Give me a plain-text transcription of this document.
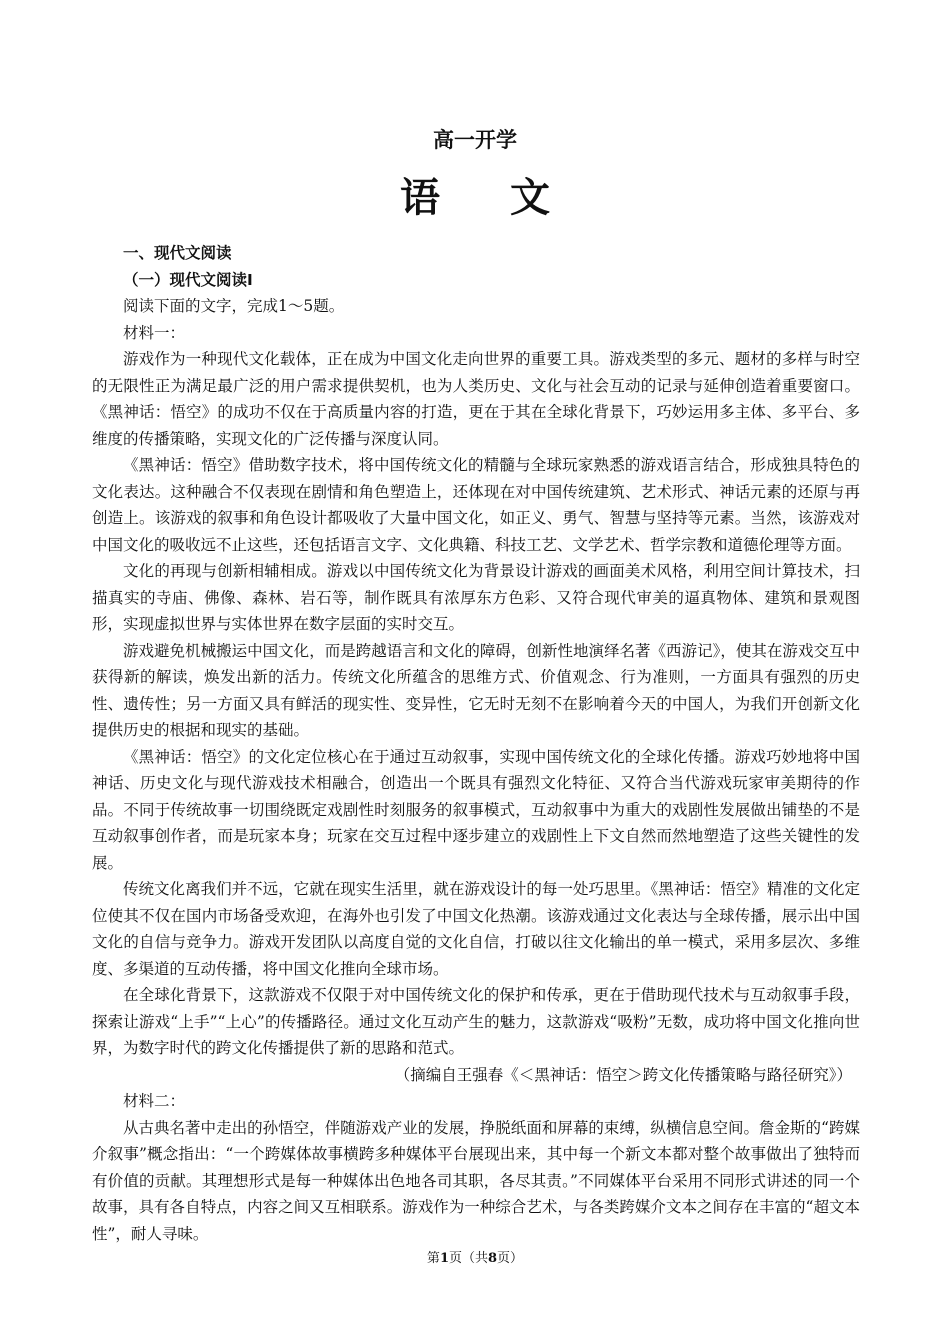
高一开学
语 文

一、现代文阅读

（一）现代文阅读Ⅰ

阅读下面的文字，完成1～5题。

材料一：

游戏作为一种现代文化载体，正在成为中国文化走向世界的重要工具。游戏类型的多元、题材的多样与时空的无限性正为满足最广泛的用户需求提供契机，也为人类历史、文化与社会互动的记录与延伸创造着重要窗口。《黑神话：悟空》的成功不仅在于高质量内容的打造，更在于其在全球化背景下，巧妙运用多主体、多平台、多维度的传播策略，实现文化的广泛传播与深度认同。

《黑神话：悟空》借助数字技术，将中国传统文化的精髓与全球玩家熟悉的游戏语言结合，形成独具特色的文化表达。这种融合不仅表现在剧情和角色塑造上，还体现在对中国传统建筑、艺术形式、神话元素的还原与再创造上。该游戏的叙事和角色设计都吸收了大量中国文化，如正义、勇气、智慧与坚持等元素。当然，该游戏对中国文化的吸收远不止这些，还包括语言文字、文化典籍、科技工艺、文学艺术、哲学宗教和道德伦理等方面。

文化的再现与创新相辅相成。游戏以中国传统文化为背景设计游戏的画面美术风格，利用空间计算技术，扫描真实的寺庙、佛像、森林、岩石等，制作既具有浓厚东方色彩、又符合现代审美的逼真物体、建筑和景观图形，实现虚拟世界与实体世界在数字层面的实时交互。

游戏避免机械搬运中国文化，而是跨越语言和文化的障碍，创新性地演绎名著《西游记》，使其在游戏交互中获得新的解读，焕发出新的活力。传统文化所蕴含的思维方式、价值观念、行为准则，一方面具有强烈的历史性、遗传性；另一方面又具有鲜活的现实性、变异性，它无时无刻不在影响着今天的中国人，为我们开创新文化提供历史的根据和现实的基础。

《黑神话：悟空》的文化定位核心在于通过互动叙事，实现中国传统文化的全球化传播。游戏巧妙地将中国神话、历史文化与现代游戏技术相融合，创造出一个既具有强烈文化特征、又符合当代游戏玩家审美期待的作品。不同于传统故事一切围绕既定戏剧性时刻服务的叙事模式，互动叙事中为重大的戏剧性发展做出铺垫的不是互动叙事创作者，而是玩家本身；玩家在交互过程中逐步建立的戏剧性上下文自然而然地塑造了这些关键性的发展。

传统文化离我们并不远，它就在现实生活里，就在游戏设计的每一处巧思里。《黑神话：悟空》精准的文化定位使其不仅在国内市场备受欢迎，在海外也引发了中国文化热潮。该游戏通过文化表达与全球传播，展示出中国文化的自信与竞争力。游戏开发团队以高度自觉的文化自信，打破以往文化输出的单一模式，采用多层次、多维度、多渠道的互动传播，将中国文化推向全球市场。

在全球化背景下，这款游戏不仅限于对中国传统文化的保护和传承，更在于借助现代技术与互动叙事手段，探索让游戏“上手”“上心”的传播路径。通过文化互动产生的魅力，这款游戏“吸粉”无数，成功将中国文化推向世界，为数字时代的跨文化传播提供了新的思路和范式。

（摘编自王强春《＜黑神话：悟空＞跨文化传播策略与路径研究》）

材料二：

从古典名著中走出的孙悟空，伴随游戏产业的发展，挣脱纸面和屏幕的束缚，纵横信息空间。詹金斯的“跨媒介叙事”概念指出：“一个跨媒体故事横跨多种媒体平台展现出来，其中每一个新文本都对整个故事做出了独特而有价值的贡献。其理想形式是每一种媒体出色地各司其职，各尽其责。”不同媒体平台采用不同形式讲述的同一个故事，具有各自特点，内容之间又互相联系。游戏作为一种综合艺术，与各类跨媒介文本之间存在丰富的“超文本性”，耐人寻味。

第1页（共8页）
